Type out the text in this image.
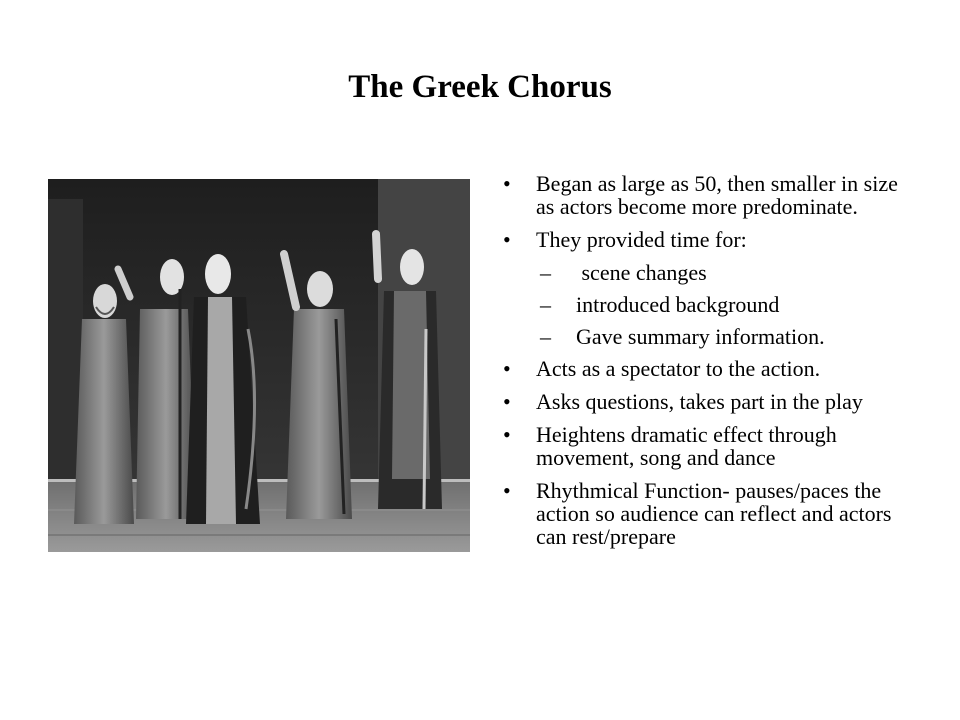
The Greek Chorus
• Began as large as 50, then smaller in size as actors become more predominate.
• They provided time for:
– scene changes
– introduced background
– Gave summary information.
• Acts as a spectator to the action.
• Asks questions, takes part in the play
• Heightens dramatic effect through movement, song and dance
• Rhythmical Function- pauses/paces the action so audience can reflect and actors can rest/prepare
